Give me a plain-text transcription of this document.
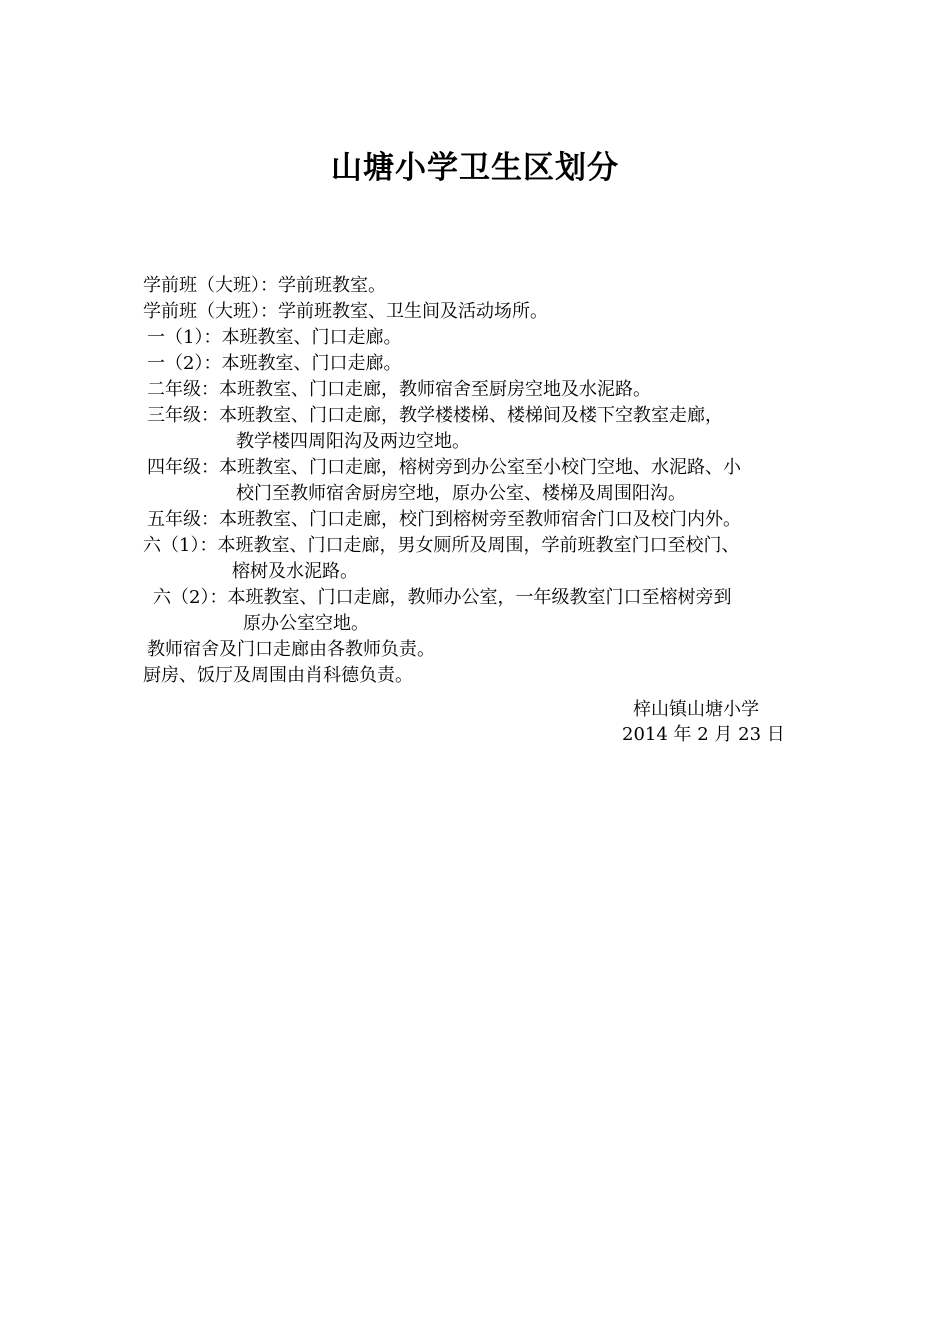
山塘小学卫生区划分
学前班（大班）：学前班教室。
学前班（大班）：学前班教室、卫生间及活动场所。
一（1）：本班教室、门口走廊。
一（2）：本班教室、门口走廊。
二年级：本班教室、门口走廊，教师宿舍至厨房空地及水泥路。
三年级：本班教室、门口走廊，教学楼楼梯、楼梯间及楼下空教室走廊，
教学楼四周阳沟及两边空地。
四年级：本班教室、门口走廊，榕树旁到办公室至小校门空地、水泥路、小
校门至教师宿舍厨房空地，原办公室、楼梯及周围阳沟。
五年级：本班教室、门口走廊，校门到榕树旁至教师宿舍门口及校门内外。
六（1）：本班教室、门口走廊，男女厕所及周围，学前班教室门口至校门、
榕树及水泥路。
六（2）：本班教室、门口走廊，教师办公室，一年级教室门口至榕树旁到
原办公室空地。
教师宿舍及门口走廊由各教师负责。
厨房、饭厅及周围由肖科德负责。
梓山镇山塘小学
2014 年 2 月 23 日
